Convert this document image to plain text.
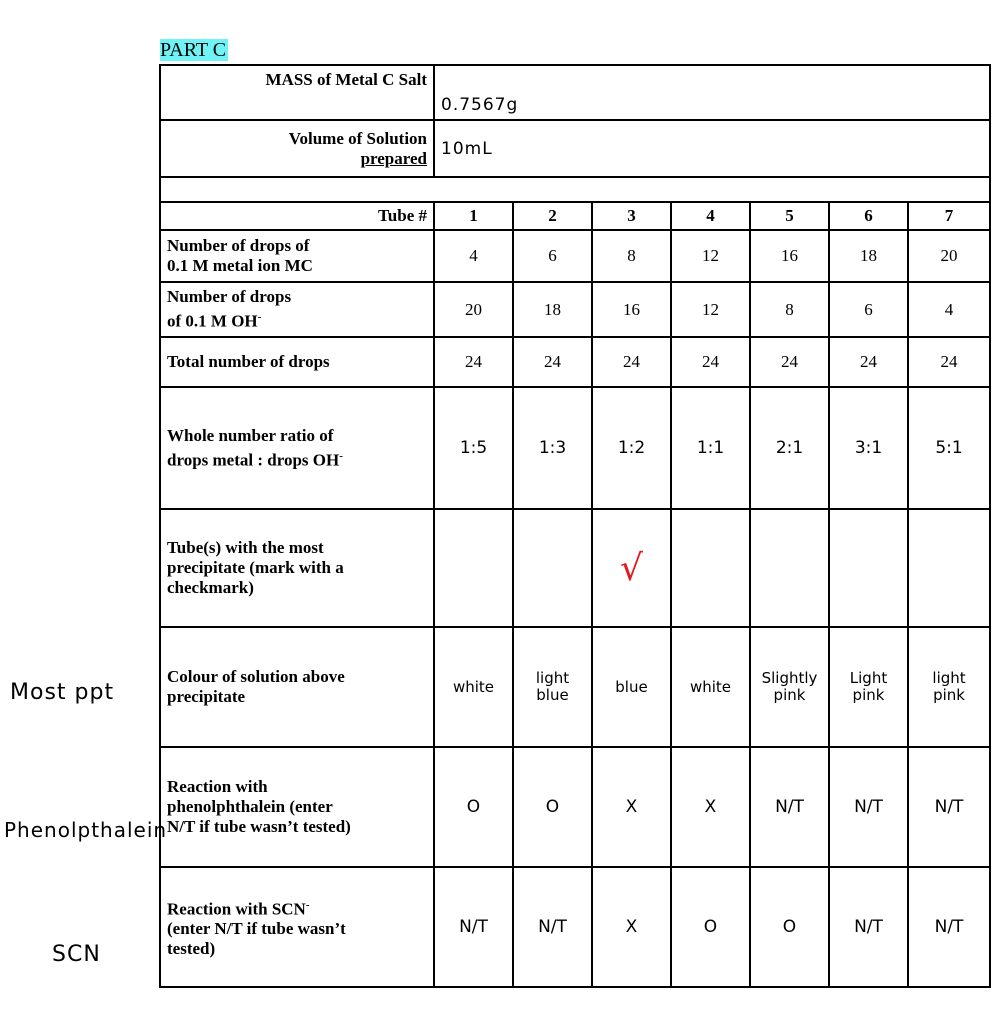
PART C
Most ppt
Phenolpthalein
SCN
MASS of Metal C Salt	0.7567g						

Volume of Solution
prepared	10mL						

Tube #	1	2	3	4	5	6	7

Number of drops of
0.1 M metal ion MC	4	6	8	12	16	18	20

Number of drops
of 0.1 M OH-	20	18	16	12	8	6	4
Total number of drops	24	24	24	24	24	24	24

Whole number ratio of
drops metal : drops OH-	1:5	1:3	1:2	1:1	2:1	3:1	5:1

Tube(s) with the most
precipitate (mark with a
checkmark)			√				

Colour of solution above
precipitate	white	light blue	blue	white	Slightly pink	Light pink	light pink

Reaction with
phenolphthalein (enter
N/T if tube wasn’t tested)	O	O	X	X	N/T	N/T	N/T

Reaction with SCN-
(enter N/T if tube wasn’t
tested)	N/T	N/T	X	O	O	N/T	N/T
